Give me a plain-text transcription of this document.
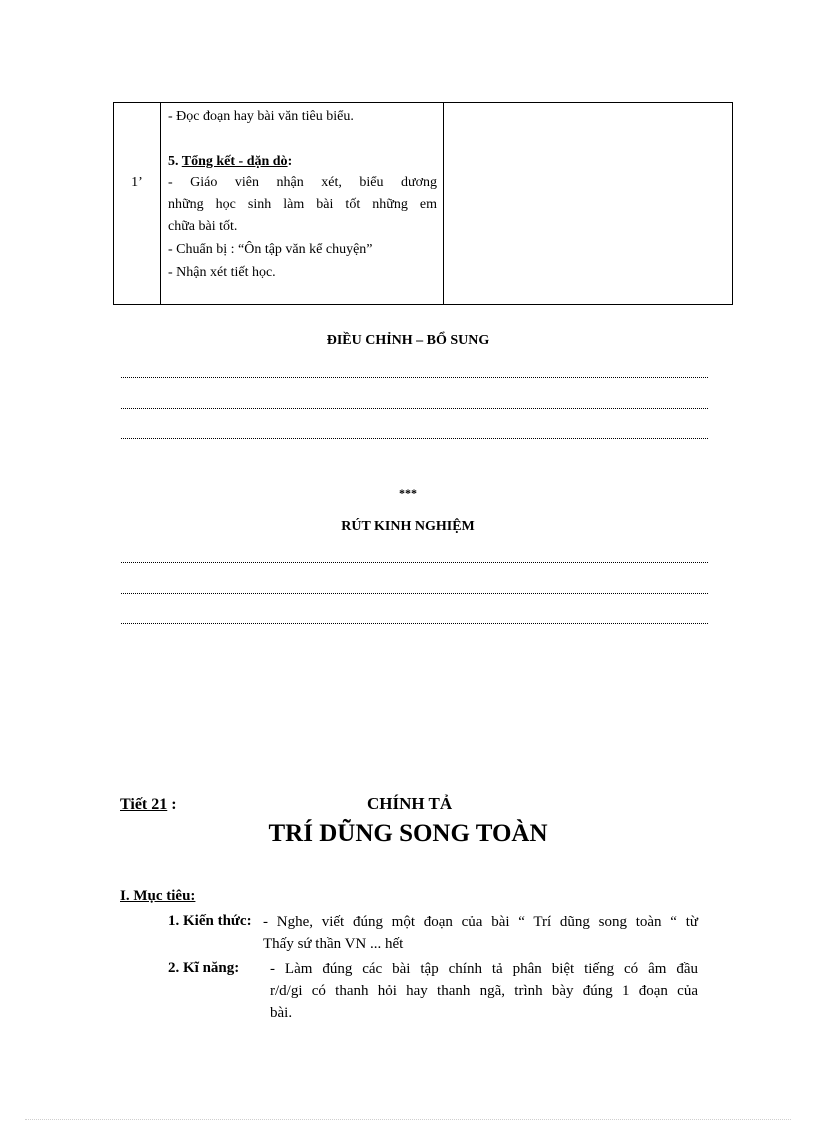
1’
- Đọc đoạn hay bài văn tiêu biểu.
5. Tổng kết - dặn dò:
- Giáo viên nhận xét, biểu dương
những học sinh làm bài tốt những em
chữa bài tốt.
- Chuẩn bị : “Ôn tập văn kể chuyện”
- Nhận xét tiết học.
ĐIỀU CHỈNH – BỔ SUNG
***
RÚT KINH NGHIỆM
Tiết 21 :	CHÍNH TẢ
TRÍ DŨNG SONG TOÀN
I. Mục tiêu:
1. Kiến thức: - Nghe, viết đúng một đoạn của bài “ Trí dũng song toàn “ từ
Thấy sứ thần VN ... hết
2. Kĩ năng: - Làm đúng các bài tập chính tả phân biệt tiếng có âm đầu
r/d/gi có thanh hỏi hay thanh ngã, trình bày đúng 1 đoạn của
bài.
